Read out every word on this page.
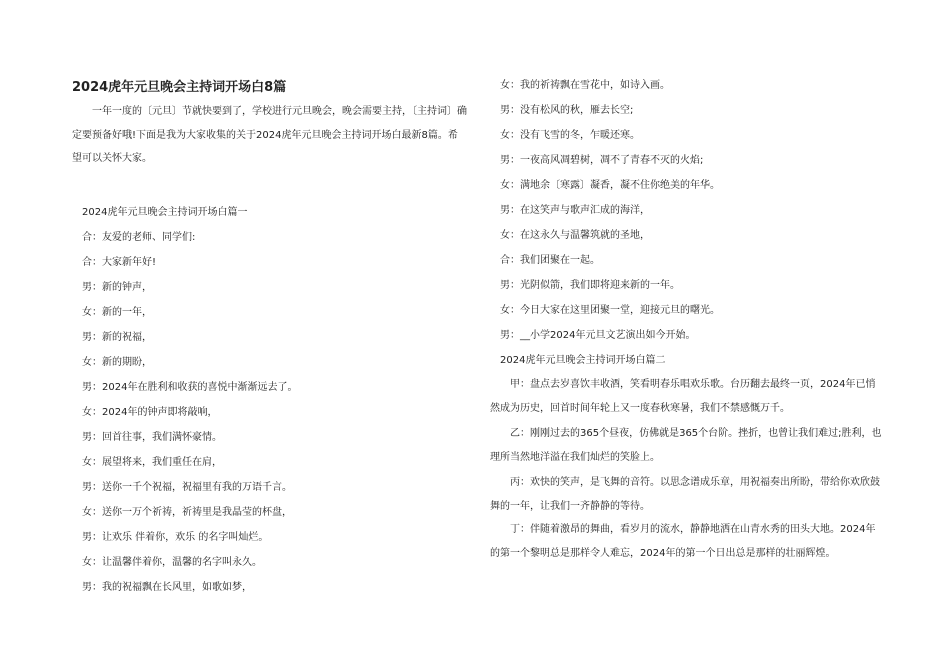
2024虎年元旦晚会主持词开场白8篇
一年一度的〔元旦〕节就快要到了，学校进行元旦晚会，晚会需要主持，〔主持词〕确定要预备好哦!下面是我为大家收集的关于2024虎年元旦晚会主持词开场白最新8篇。希望可以关怀大家。
2024虎年元旦晚会主持词开场白篇一
合：友爱的老师、同学们:
合：大家新年好!
男：新的钟声，
女：新的一年，
男：新的祝福，
女：新的期盼，
男：2024年在胜利和收获的喜悦中渐渐远去了。
女：2024年的钟声即将敲响，
男：回首往事，我们满怀豪情。
女：展望将来，我们重任在肩，
男：送你一千个祝福，祝福里有我的万语千言。
女：送你一万个祈祷，祈祷里是我晶莹的杯盘，
男：让欢乐 伴着你，欢乐 的名字叫灿烂。
女：让温馨伴着你，温馨的名字叫永久。
男：我的祝福飘在长风里，如歌如梦，
女：我的祈祷飘在雪花中，如诗入画。
男：没有松风的秋，雁去长空;
女：没有飞雪的冬，乍暖还寒。
男：一夜高风凋碧树，凋不了青春不灭的火焰;
女：满地余〔寒露〕凝香，凝不住你绝美的年华。
男：在这笑声与歌声汇成的海洋，
女：在这永久与温馨筑就的圣地，
合：我们团聚在一起。
男：光阴似箭，我们即将迎来新的一年。
女：今日大家在这里团聚一堂，迎接元旦的曙光。
男：__小学2024年元旦文艺演出如今开始。
2024虎年元旦晚会主持词开场白篇二
甲：盘点去岁喜饮丰收酒，笑看明春乐唱欢乐歌。台历翻去最终一页，2024年已悄然成为历史，回首时间年轮上又一度春秋寒暑，我们不禁感慨万千。
乙：刚刚过去的365个昼夜，仿佛就是365个台阶。挫折，也曾让我们难过;胜利，也理所当然地洋溢在我们灿烂的笑脸上。
丙：欢快的笑声，是飞舞的音符。以思念谱成乐章，用祝福奏出所盼，带给你欢欣鼓舞的一年，让我们一齐静静的等待。
丁：伴随着激昂的舞曲，看岁月的流水，静静地洒在山青水秀的田头大地。2024年的第一个黎明总是那样令人难忘，2024年的第一个日出总是那样的壮丽辉煌。
